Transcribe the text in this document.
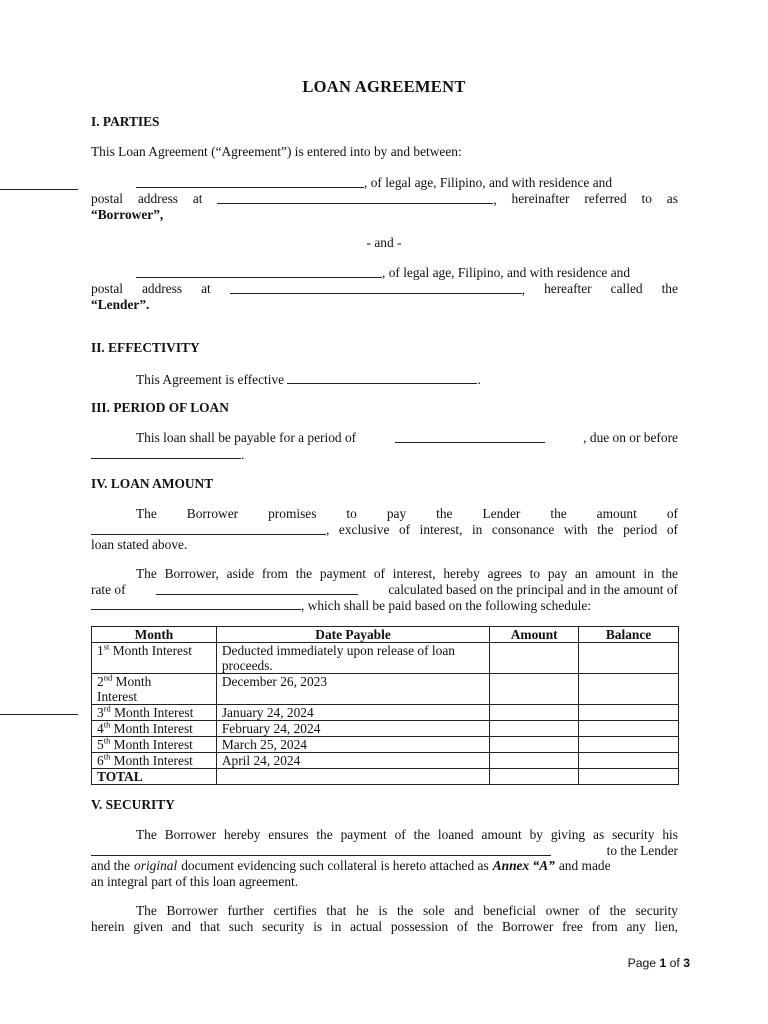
LOAN AGREEMENT
I. PARTIES
This Loan Agreement (“Agreement”) is entered into by and between:
, of legal age, Filipino, and with residence and
postal address at	, hereinafter referred to as
“Borrower”,
- and -
, of legal age, Filipino, and with residence and
postal address at	, hereafter called the
“Lender”.
II. EFFECTIVITY
This Agreement is effective	.
III. PERIOD OF LOAN
This loan shall be payable for a period of	, due on or before
.
IV. LOAN AMOUNT
The Borrower promises to pay the Lender the amount of
, exclusive of interest, in consonance with the period of
loan stated above.
The Borrower, aside from the payment of interest, hereby agrees to pay an amount in the
rate of	calculated based on the principal and in the amount of
, which shall be paid based on the following schedule:
Month	Date Payable	Amount	Balance
1st Month Interest	Deducted immediately upon release of loan proceeds.		
2nd Month Interest	December 26, 2023		
3rd Month Interest	January 24, 2024		
4th Month Interest	February 24, 2024		
5th Month Interest	March 25, 2024		
6th Month Interest	April 24, 2024		
TOTAL			
V. SECURITY
The Borrower hereby ensures the payment of the loaned amount by giving as security his
to the Lender
and the original document evidencing such collateral is hereto attached as Annex “A” and made
an integral part of this loan agreement.
The Borrower further certifies that he is the sole and beneficial owner of the security
herein given and that such security is in actual possession of the Borrower free from any lien,
Page 1 of 3
